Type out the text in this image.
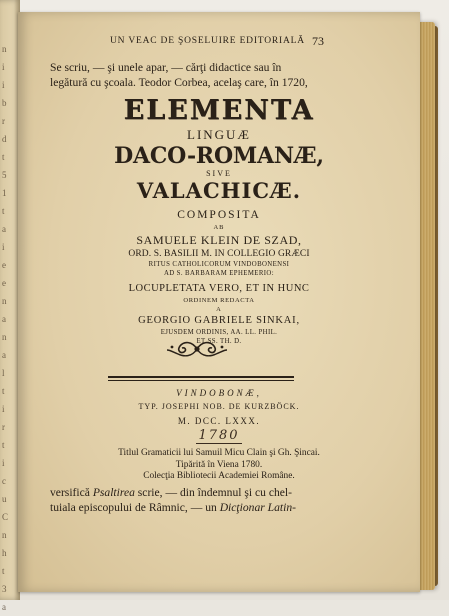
n
i
i
b
r
d
t
5
1
t
a
i
e
e
n
a
n
a
l
t
i
r
t
i
c
u
C
n
h
t
3
a
UN VEAC DE ŞOSELUIRE EDITORIALĂ 73
Se scriu, — şi unele apar, — cărţi didactice sau în
legătură cu şcoala. Teodor Corbea, acelaş care, în 1720,
ELEMENTA
LINGUÆ
DACO-ROMANÆ,
SIVE
VALACHICÆ.
COMPOSITA
AB
SAMUELE KLEIN DE SZAD,
ORD. S. BASILII M. IN COLLEGIO GRÆCI
RITUS CATHOLICORUM VINDOBONENSI
AD S. BARBARAM EPHEMERIO:
LOCUPLETATA VERO, ET IN HUNC
ORDINEM REDACTA
A
GEORGIO GABRIELE SINKAI,
EJUSDEM ORDINIS, AA. LL. PHIL.
ET SS. TH. D.
VINDOBONÆ,
TYP. JOSEPHI NOB. DE KURZBÖCK.
M. DCC. LXXX.
1780
Titlul Gramaticii lui Samuil Micu Clain şi Gh. Şincai.
Tipărită în Viena 1780.
Colecţia Bibliotecii Academiei Române.
versifică Psaltirea scrie, — din îndemnul şi cu chel-
tuiala episcopului de Râmnic, — un Dicţionar Latin-
